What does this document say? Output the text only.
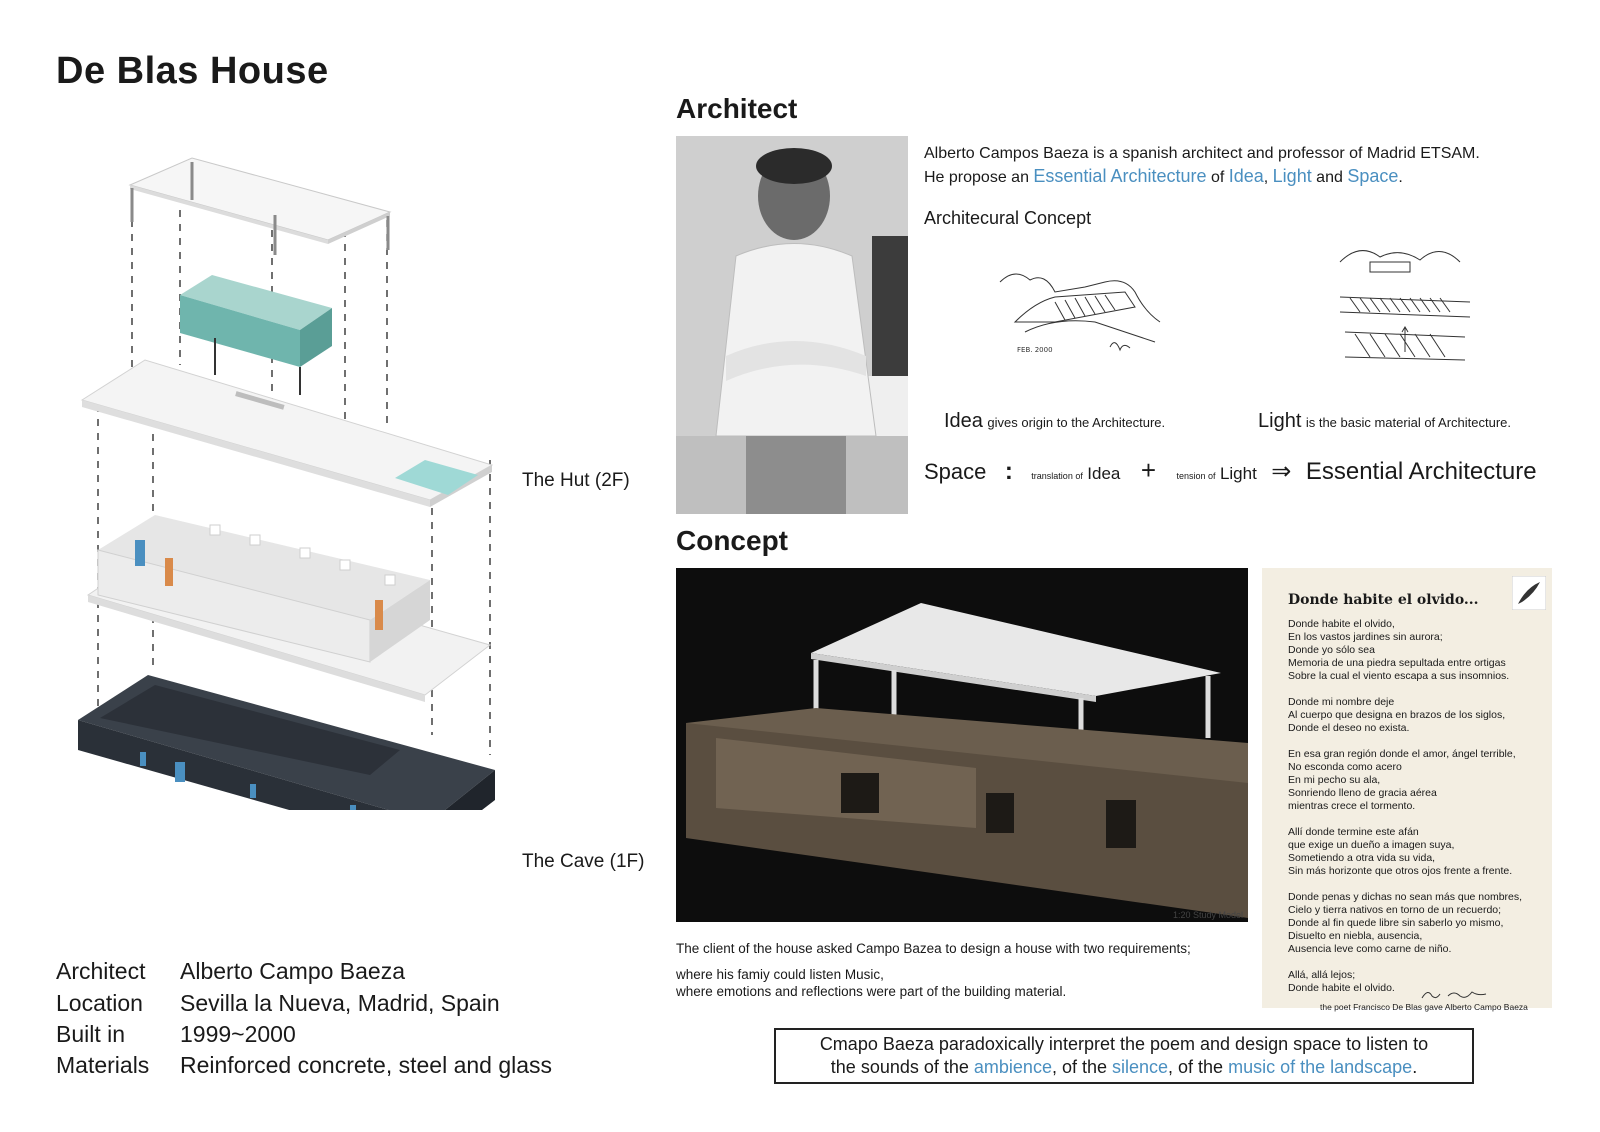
De Blas House
The Hut (2F)
The Cave (1F)
Architect Alberto Campo Baeza
Location Sevilla la Nueva, Madrid, Spain
Built in 1999~2000
Materials Reinforced concrete, steel and glass
Architect
Alberto Campos Baeza is a spanish architect and professor of Madrid ETSAM.
He propose an Essential Architecture of Idea, Light and Space.
Architecural Concept
FEB. 2000
Idea gives origin to the Architecture.	Light is the basic material of Architecture.
Space : translation of Idea + tension of Light ⇒ Essential Architecture
Concept
1:20 Study Model
The client of the house asked Campo Bazea to design a house with two requirements;
where his famiy could listen Music,
where emotions and reflections were part of the building material.
Donde habite el olvido...
Donde habite el olvido,
En los vastos jardines sin aurora;
Donde yo sólo sea
Memoria de una piedra sepultada entre ortigas
Sobre la cual el viento escapa a sus insomnios.

Donde mi nombre deje
Al cuerpo que designa en brazos de los siglos,
Donde el deseo no exista.

En esa gran región donde el amor, ángel terrible,
No esconda como acero
En mi pecho su ala,
Sonriendo lleno de gracia aérea
mientras crece el tormento.

Allí donde termine este afán
que exige un dueño a imagen suya,
Sometiendo a otra vida su vida,
Sin más horizonte que otros ojos frente a frente.

Donde penas y dichas no sean más que nombres,
Cielo y tierra nativos en torno de un recuerdo;
Donde al fin quede libre sin saberlo yo mismo,
Disuelto en niebla, ausencia,
Ausencia leve como carne de niño.

Allá, allá lejos;
Donde habite el olvido.
the poet Francisco De Blas gave Alberto Campo Baeza
Cmapo Baeza paradoxically interpret the poem and design space to listen to
the sounds of the ambience, of the silence, of the music of the landscape.
